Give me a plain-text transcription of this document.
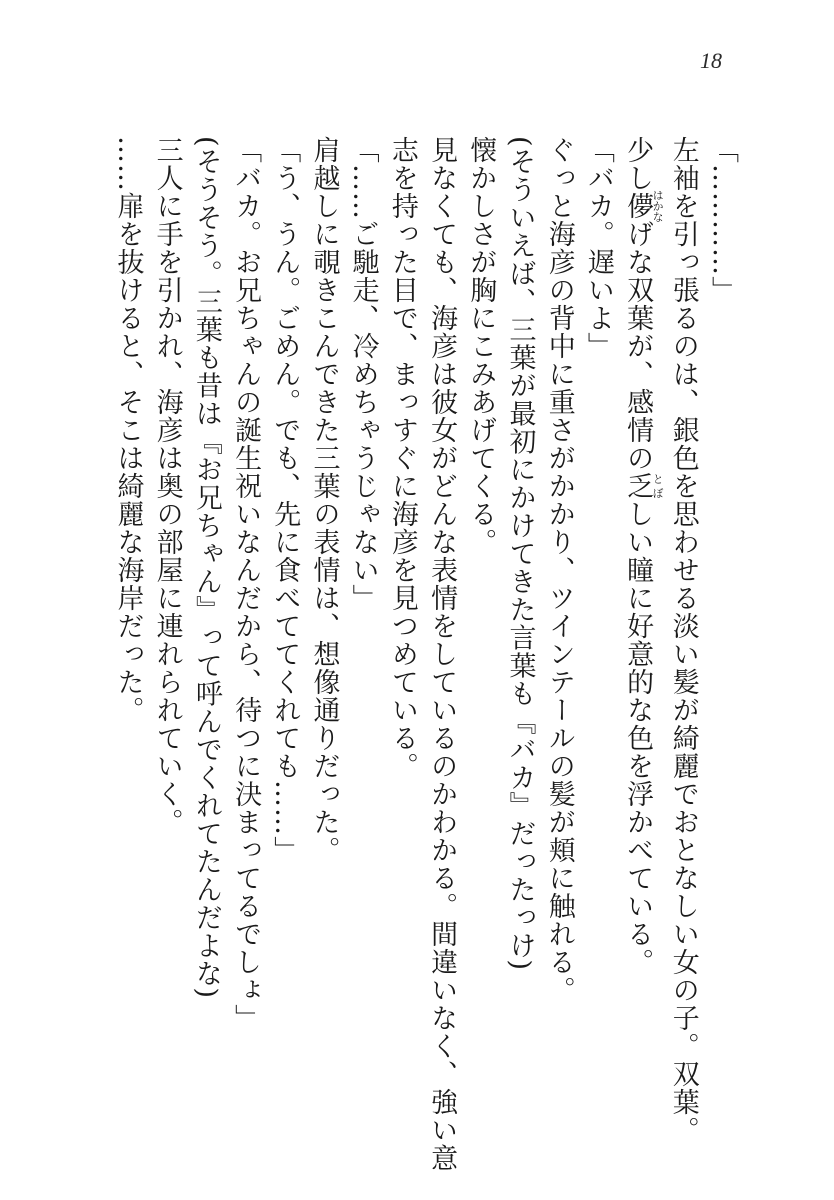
18
「…………」
左袖を引っ張るのは、銀色を思わせる淡い髪が綺麗でおとなしい女の子。双葉。
少し儚はかなげな双葉が、感情の乏とぼしい瞳に好意的な色を浮かべている。
「バカ。遅いよ」
ぐっと海彦の背中に重さがかかり、ツインテールの髪が頬に触れる。
(そういえば、三葉が最初にかけてきた言葉も『バカ』だったっけ)
懐かしさが胸にこみあげてくる。
見なくても、海彦は彼女がどんな表情をしているのかわかる。間違いなく、強い意
志を持った目で、まっすぐに海彦を見つめている。
「……ご馳走、冷めちゃうじゃない」
肩越しに覗きこんできた三葉の表情は、想像通りだった。
「う、うん。ごめん。でも、先に食べててくれても……」
「バカ。お兄ちゃんの誕生祝いなんだから、待つに決まってるでしょ」
(そうそう。三葉も昔は『お兄ちゃん』って呼んでくれてたんだよな)
三人に手を引かれ、海彦は奥の部屋に連れられていく。
……扉を抜けると、そこは綺麗な海岸だった。
